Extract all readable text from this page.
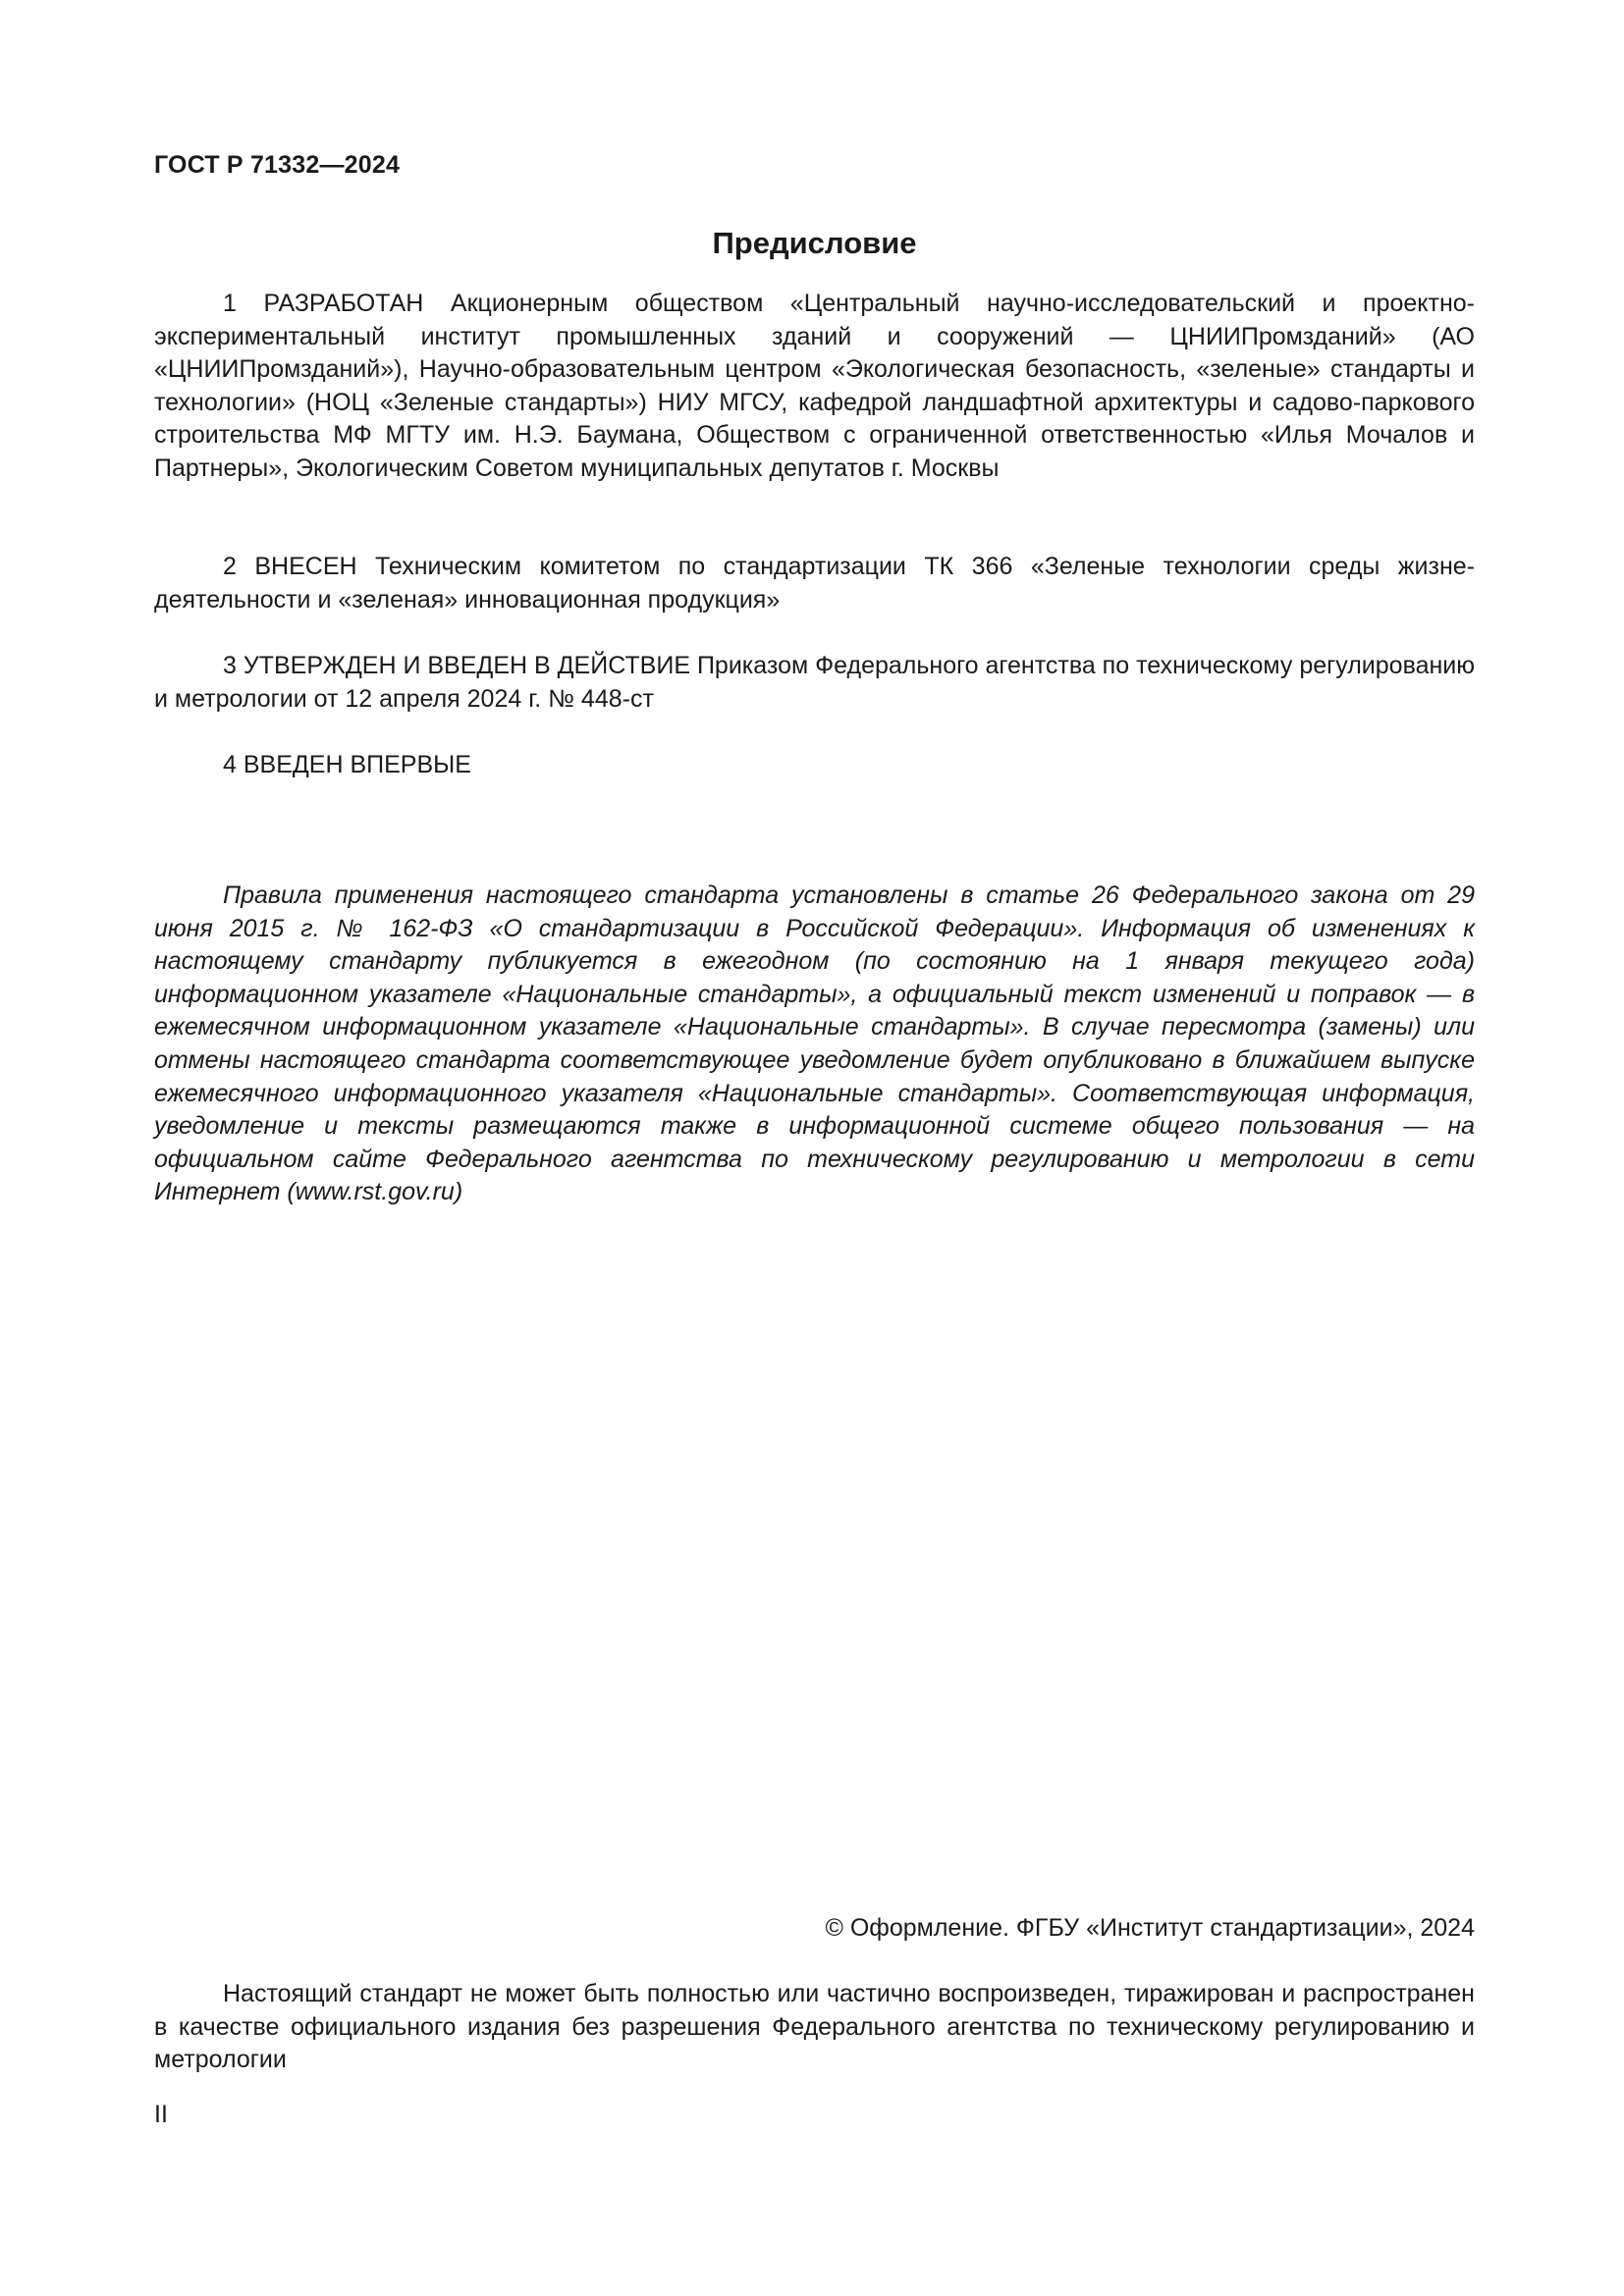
ГОСТ Р 71332—2024
Предисловие

1 РАЗРАБОТАН Акционерным обществом «Центральный научно-исследовательский и проектно-экспериментальный институт промышленных зданий и сооружений — ЦНИИПромзданий» (АО «ЦНИИПромзданий»), Научно-образовательным центром «Экологическая безопасность, «зеленые» стандарты и технологии» (НОЦ «Зеленые стандарты») НИУ МГСУ, кафедрой ландшафтной архитектуры и садово-паркового строительства МФ МГТУ им. Н.Э. Баумана, Обществом с ограниченной ответственностью «Илья Мочалов и Партнеры», Экологическим Советом муниципальных депутатов г. Москвы

2 ВНЕСЕН Техническим комитетом по стандартизации ТК 366 «Зеленые технологии среды жизнедеятельности и «зеленая» инновационная продукция»

3 УТВЕРЖДЕН И ВВЕДЕН В ДЕЙСТВИЕ Приказом Федерального агентства по техническому регулированию и метрологии от 12 апреля 2024 г. № 448-ст

4 ВВЕДЕН ВПЕРВЫЕ

Правила применения настоящего стандарта установлены в статье 26 Федерального закона от 29 июня 2015 г. № 162-ФЗ «О стандартизации в Российской Федерации». Информация об изменениях к настоящему стандарту публикуется в ежегодном (по состоянию на 1 января текущего года) информационном указателе «Национальные стандарты», а официальный текст изменений и поправок — в ежемесячном информационном указателе «Национальные стандарты». В случае пересмотра (замены) или отмены настоящего стандарта соответствующее уведомление будет опубликовано в ближайшем выпуске ежемесячного информационного указателя «Национальные стандарты». Соответствующая информация, уведомление и тексты размещаются также в информационной системе общего пользования — на официальном сайте Федерального агентства по техническому регулированию и метрологии в сети Интернет (www.rst.gov.ru)

© Оформление. ФГБУ «Институт стандартизации», 2024

Настоящий стандарт не может быть полностью или частично воспроизведен, тиражирован и распространен в качестве официального издания без разрешения Федерального агентства по техническому регулированию и метрологии

II
